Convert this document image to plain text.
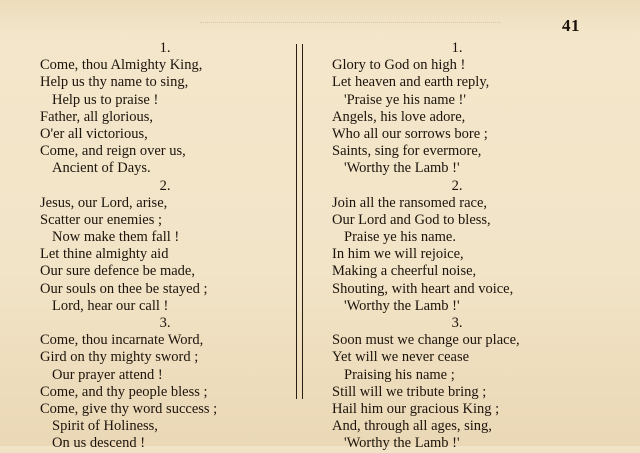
41
1.
Come, thou Almighty King,
Help us thy name to sing,
Help us to praise !
Father, all glorious,
O'er all victorious,
Come, and reign over us,
Ancient of Days.
2.
Jesus, our Lord, arise,
Scatter our enemies ;
Now make them fall !
Let thine almighty aid
Our sure defence be made,
Our souls on thee be stayed ;
Lord, hear our call !
3.
Come, thou incarnate Word,
Gird on thy mighty sword ;
Our prayer attend !
Come, and thy people bless ;
Come, give thy word success ;
Spirit of Holiness,
On us descend !
1.
Glory to God on high !
Let heaven and earth reply,
'Praise ye his name !'
Angels, his love adore,
Who all our sorrows bore ;
Saints, sing for evermore,
'Worthy the Lamb !'
2.
Join all the ransomed race,
Our Lord and God to bless,
Praise ye his name.
In him we will rejoice,
Making a cheerful noise,
Shouting, with heart and voice,
'Worthy the Lamb !'
3.
Soon must we change our place,
Yet will we never cease
Praising his name ;
Still will we tribute bring ;
Hail him our gracious King ;
And, through all ages, sing,
'Worthy the Lamb !'
